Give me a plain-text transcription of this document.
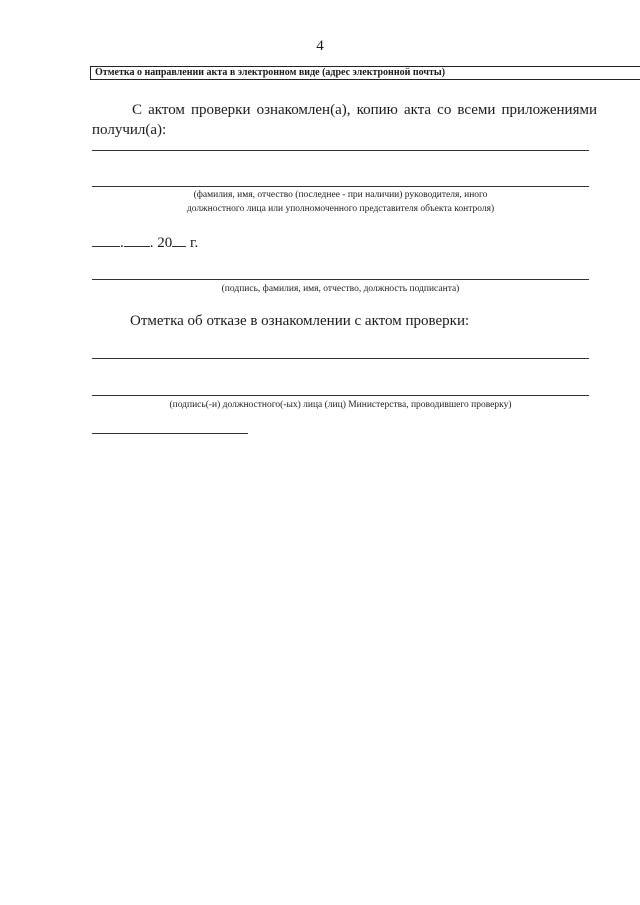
4
Отметка о направлении акта в электронном виде (адрес электронной почты)
С актом проверки ознакомлен(а), копию акта со всеми приложениями получил(а):
(фамилия, имя, отчество (последнее - при наличии) руководителя, иного
должностного лица или уполномоченного представителя объекта контроля)
. . 20 г.
(подпись, фамилия, имя, отчество, должность подписанта)
Отметка об отказе в ознакомлении с актом проверки:
(подпись(-и) должностного(-ых) лица (лиц) Министерства, проводившего проверку)
